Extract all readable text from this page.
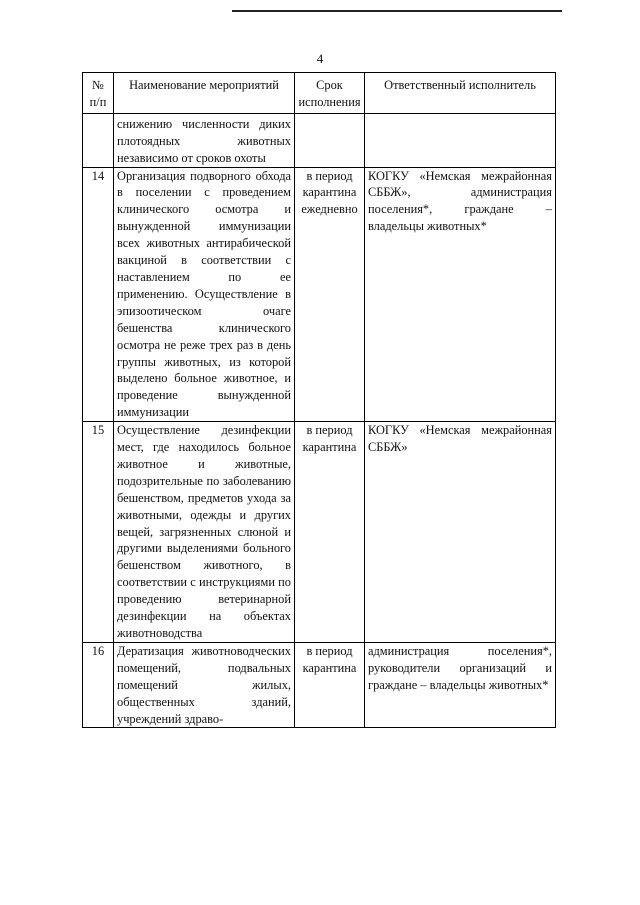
4
№ п/п	Наименование мероприятий	Срок исполнения	Ответственный исполнитель
	снижению численности диких плотоядных животных независимо от сроков охоты		
14	Организация подворного обхода в поселении с проведением клинического осмотра и вынужденной иммунизации всех животных антирабической вакциной в соответствии с наставлением по ее применению. Осуществление в эпизоотическом очаге бешенства клинического осмотра не реже трех раз в день группы животных, из которой выделено больное животное, и проведение вынужденной иммунизации	в период карантина ежедневно	КОГКУ «Немская межрайонная СББЖ», администрация поселения*, граждане – владельцы животных*
15	Осуществление дезинфекции мест, где находилось больное животное и животные, подозрительные по заболеванию бешенством, предметов ухода за животными, одежды и других вещей, загрязненных слюной и другими выделениями больного бешенством животного, в соответствии с инструкциями по проведению ветеринарной дезинфекции на объектах животноводства	в период карантина	КОГКУ «Немская межрайонная СББЖ»
16	Дератизация животноводческих помещений, подвальных помещений жилых, общественных зданий, учреждений здраво-	в период карантина	администрация поселения*, руководители организаций и граждане – владельцы животных*
